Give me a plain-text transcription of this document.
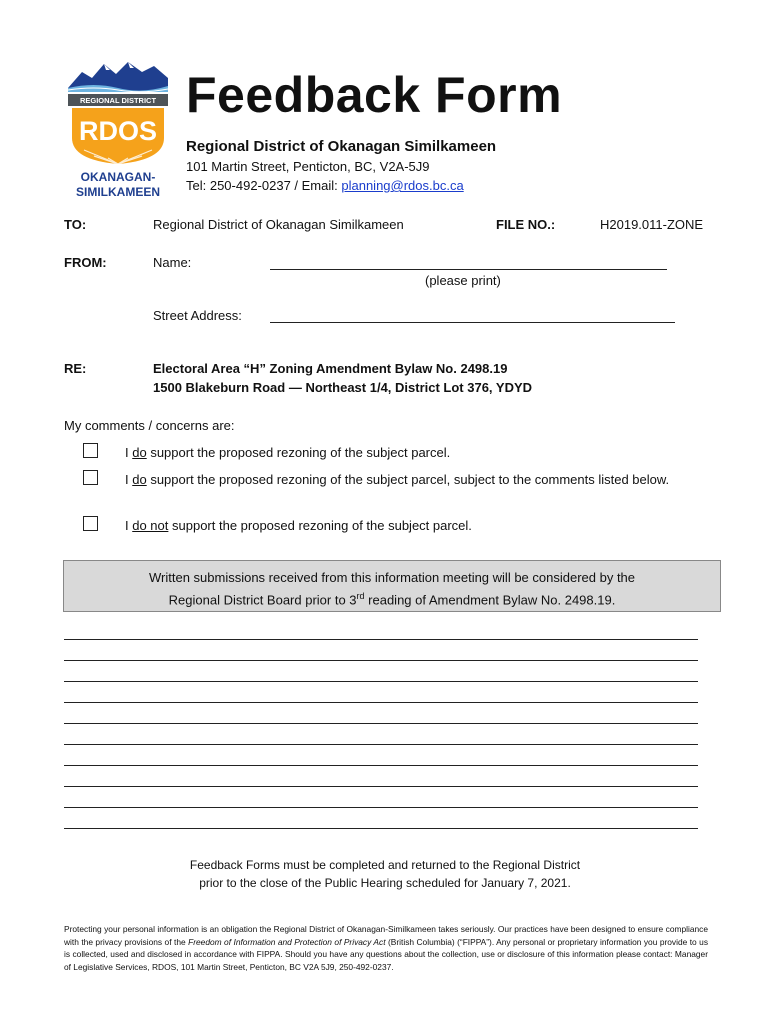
REGIONAL DISTRICT
RDOS
OKANAGAN-
SIMILKAMEEN
Feedback Form
Regional District of Okanagan Similkameen
101 Martin Street, Penticton, BC, V2A-5J9
Tel: 250-492-0237 / Email: planning@rdos.bc.ca
TO:	Regional District of Okanagan Similkameen	FILE NO.:	H2019.011-ZONE
FROM:	Name:
(please print)
Street Address:
RE:	Electoral Area “H” Zoning Amendment Bylaw No. 2498.19
1500 Blakeburn Road — Northeast 1/4, District Lot 376, YDYD
My comments / concerns are:
I do support the proposed rezoning of the subject parcel.
I do support the proposed rezoning of the subject parcel, subject to the comments listed below.
I do not support the proposed rezoning of the subject parcel.
Written submissions received from this information meeting will be considered by the
Regional District Board prior to 3rd reading of Amendment Bylaw No. 2498.19.
Feedback Forms must be completed and returned to the Regional District
prior to the close of the Public Hearing scheduled for January 7, 2021.
Protecting your personal information is an obligation the Regional District of Okanagan-Similkameen takes seriously. Our practices have been designed to ensure compliance with the privacy provisions of the Freedom of Information and Protection of Privacy Act (British Columbia) (“FIPPA”). Any personal or proprietary information you provide to us is collected, used and disclosed in accordance with FIPPA. Should you have any questions about the collection, use or disclosure of this information please contact: Manager of Legislative Services, RDOS, 101 Martin Street, Penticton, BC V2A 5J9, 250-492-0237.
